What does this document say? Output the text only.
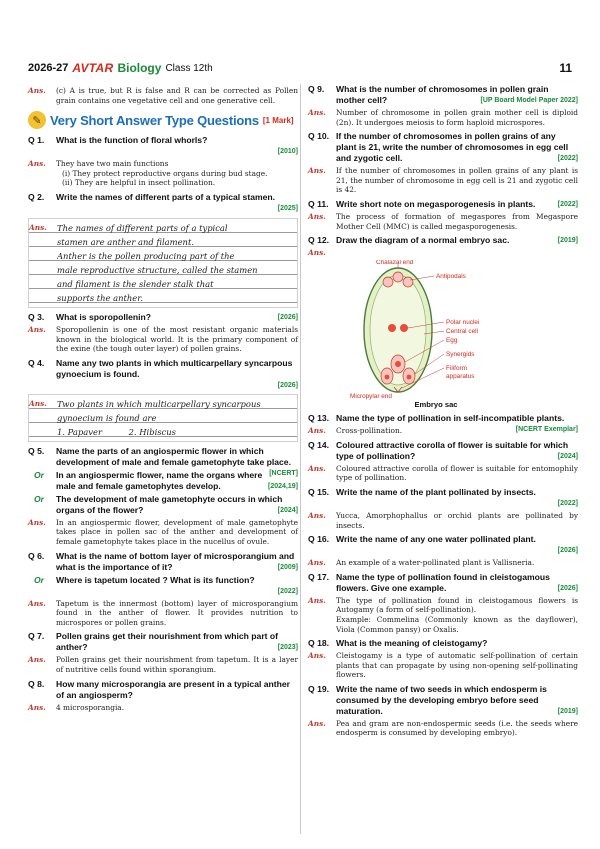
2026-27 AVTAR Biology Class 12th	11
Ans. (c) A is true, but R is false and R can be corrected as Pollen grain contains one vegetative cell and one generative cell.
✎ Very Short Answer Type Questions [1 Mark]
Q 1. What is the function of floral whorls?
[2010]
Ans. They have two main functions
(i) They protect reproductive organs during bud stage.
(ii) They are helpful in insect pollination.
Q 2. Write the names of different parts of a typical stamen.
[2025]
Ans. The names of different parts of a typical
stamen are anther and filament.
Anther is the pollen producing part of the
male reproductive structure, called the stamen
and filament is the slender stalk that
supports the anther.
Q 3. What is sporopollenin?	[2026]
Ans. Sporopollenin is one of the most resistant organic materials known in the biological world. It is the primary component of the exine (the tough outer layer) of pollen grains.
Q 4. Name any two plants in which multicarpellary syncarpous gynoecium is found.
[2026]
Ans. Two plants in which multicarpellary syncarpous
gynoecium is found are
1. Papaver          2. Hibiscus
Q 5. Name the parts of an angiospermic flower in which development of male and female gametophyte take place.
[NCERT]
Or In an angiospermic flower, name the organs where male and female gametophytes develop.	[2024,19]
Or The development of male gametophyte occurs in which organs of the flower?	[2024]
Ans. In an angiospermic flower, development of male gametophyte takes place in pollen sac of the anther and development of female gametophyte takes place in the nucellus of ovule.
Q 6. What is the name of bottom layer of microsporangium and what is the importance of it?	[2009]
Or Where is tapetum located ? What is its function?
[2022]
Ans. Tapetum is the innermost (bottom) layer of microsporangium found in the anther of flower. It provides nutrition to microspores or pollen grains.
Q 7. Pollen grains get their nourishment from which part of anther?	[2023]
Ans. Pollen grains get their nourishment from tapetum. It is a layer of nutritive cells found within sporangium.
Q 8. How many microsporangia are present in a typical anther of an angiosperm?
Ans. 4 microsporangia.
Q 9. What is the number of chromosomes in pollen grain mother cell?	[UP Board Model Paper 2022]
Ans. Number of chromosome in pollen grain mother cell is diploid (2n). It undergoes meiosis to form haploid microspores.
Q 10. If the number of chromosomes in pollen grains of any plant is 21, write the number of chromosomes in egg cell and zygotic cell.	[2022]
Ans. If the number of chromosomes in pollen grains of any plant is 21, the number of chromosome in egg cell is 21 and zygotic cell is 42.
Q 11. Write short note on megasporogenesis in plants.	[2022]
Ans. The process of formation of megaspores from Megaspore Mother Cell (MMC) is called megasporogenesis.
Q 12. Draw the diagram of a normal embryo sac.	[2019]
Ans.
Chalazal end
Antipodals
Polar nuclei
Central cell
Egg
Synergids
Filiform
apparatus
Micropylar end
Embryo sac
Q 13. Name the type of pollination in self-incompatible plants.
[NCERT Exemplar]
Ans. Cross-pollination.
Q 14. Coloured attractive corolla of flower is suitable for which type of pollination?	[2024]
Ans. Coloured attractive corolla of flower is suitable for entomophily type of pollination.
Q 15. Write the name of the plant pollinated by insects.
[2022]
Ans. Yucca, Amorphophallus or orchid plants are pollinated by insects.
Q 16. Write the name of any one water pollinated plant.
[2026]
Ans. An example of a water-pollinated plant is Vallisneria.
Q 17. Name the type of pollination found in cleistogamous flowers. Give one example.	[2026]
Ans. The type of pollination found in cleistogamous flowers is Autogamy (a form of self-pollination).
Example: Commelina (Commonly known as the dayflower), Viola (Common pansy) or Oxalis.
Q 18. What is the meaning of cleistogamy?
Ans. Cleistogamy is a type of automatic self-pollination of certain plants that can propagate by using non-opening self-pollinating flowers.
Q 19. Write the name of two seeds in which endosperm is consumed by the developing embryo before seed maturation.	[2019]
Ans. Pea and gram are non-endospermic seeds (i.e. the seeds where endosperm is consumed by developing embryo).
